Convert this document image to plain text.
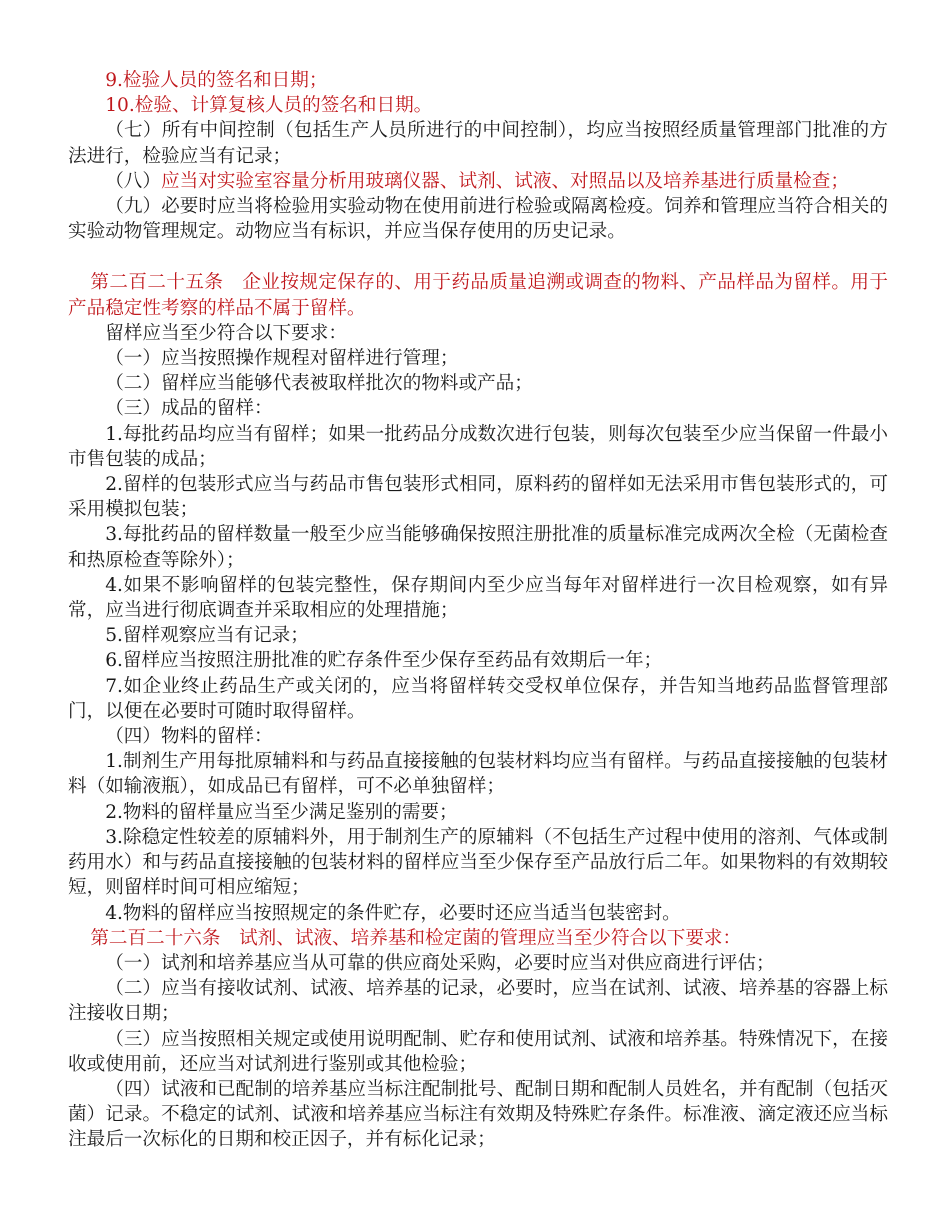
9.检验人员的签名和日期；

10.检验、计算复核人员的签名和日期。

（七）所有中间控制（包括生产人员所进行的中间控制），均应当按照经质量管理部门批准的方法进行，检验应当有记录；

（八）应当对实验室容量分析用玻璃仪器、试剂、试液、对照品以及培养基进行质量检查；

（九）必要时应当将检验用实验动物在使用前进行检验或隔离检疫。饲养和管理应当符合相关的实验动物管理规定。动物应当有标识，并应当保存使用的历史记录。

第二百二十五条　企业按规定保存的、用于药品质量追溯或调查的物料、产品样品为留样。用于产品稳定性考察的样品不属于留样。

留样应当至少符合以下要求：

（一）应当按照操作规程对留样进行管理；

（二）留样应当能够代表被取样批次的物料或产品；

（三）成品的留样：

1.每批药品均应当有留样；如果一批药品分成数次进行包装，则每次包装至少应当保留一件最小市售包装的成品；

2.留样的包装形式应当与药品市售包装形式相同，原料药的留样如无法采用市售包装形式的，可采用模拟包装；

3.每批药品的留样数量一般至少应当能够确保按照注册批准的质量标准完成两次全检（无菌检查和热原检查等除外）；

4.如果不影响留样的包装完整性，保存期间内至少应当每年对留样进行一次目检观察，如有异常，应当进行彻底调查并采取相应的处理措施；

5.留样观察应当有记录；

6.留样应当按照注册批准的贮存条件至少保存至药品有效期后一年；

7.如企业终止药品生产或关闭的，应当将留样转交受权单位保存，并告知当地药品监督管理部门，以便在必要时可随时取得留样。

（四）物料的留样：

1.制剂生产用每批原辅料和与药品直接接触的包装材料均应当有留样。与药品直接接触的包装材料（如输液瓶），如成品已有留样，可不必单独留样；

2.物料的留样量应当至少满足鉴别的需要；

3.除稳定性较差的原辅料外，用于制剂生产的原辅料（不包括生产过程中使用的溶剂、气体或制药用水）和与药品直接接触的包装材料的留样应当至少保存至产品放行后二年。如果物料的有效期较短，则留样时间可相应缩短；

4.物料的留样应当按照规定的条件贮存，必要时还应当适当包装密封。

第二百二十六条　试剂、试液、培养基和检定菌的管理应当至少符合以下要求：

（一）试剂和培养基应当从可靠的供应商处采购，必要时应当对供应商进行评估；

（二）应当有接收试剂、试液、培养基的记录，必要时，应当在试剂、试液、培养基的容器上标注接收日期；

（三）应当按照相关规定或使用说明配制、贮存和使用试剂、试液和培养基。特殊情况下，在接收或使用前，还应当对试剂进行鉴别或其他检验；

（四）试液和已配制的培养基应当标注配制批号、配制日期和配制人员姓名，并有配制（包括灭菌）记录。不稳定的试剂、试液和培养基应当标注有效期及特殊贮存条件。标准液、滴定液还应当标注最后一次标化的日期和校正因子，并有标化记录；
